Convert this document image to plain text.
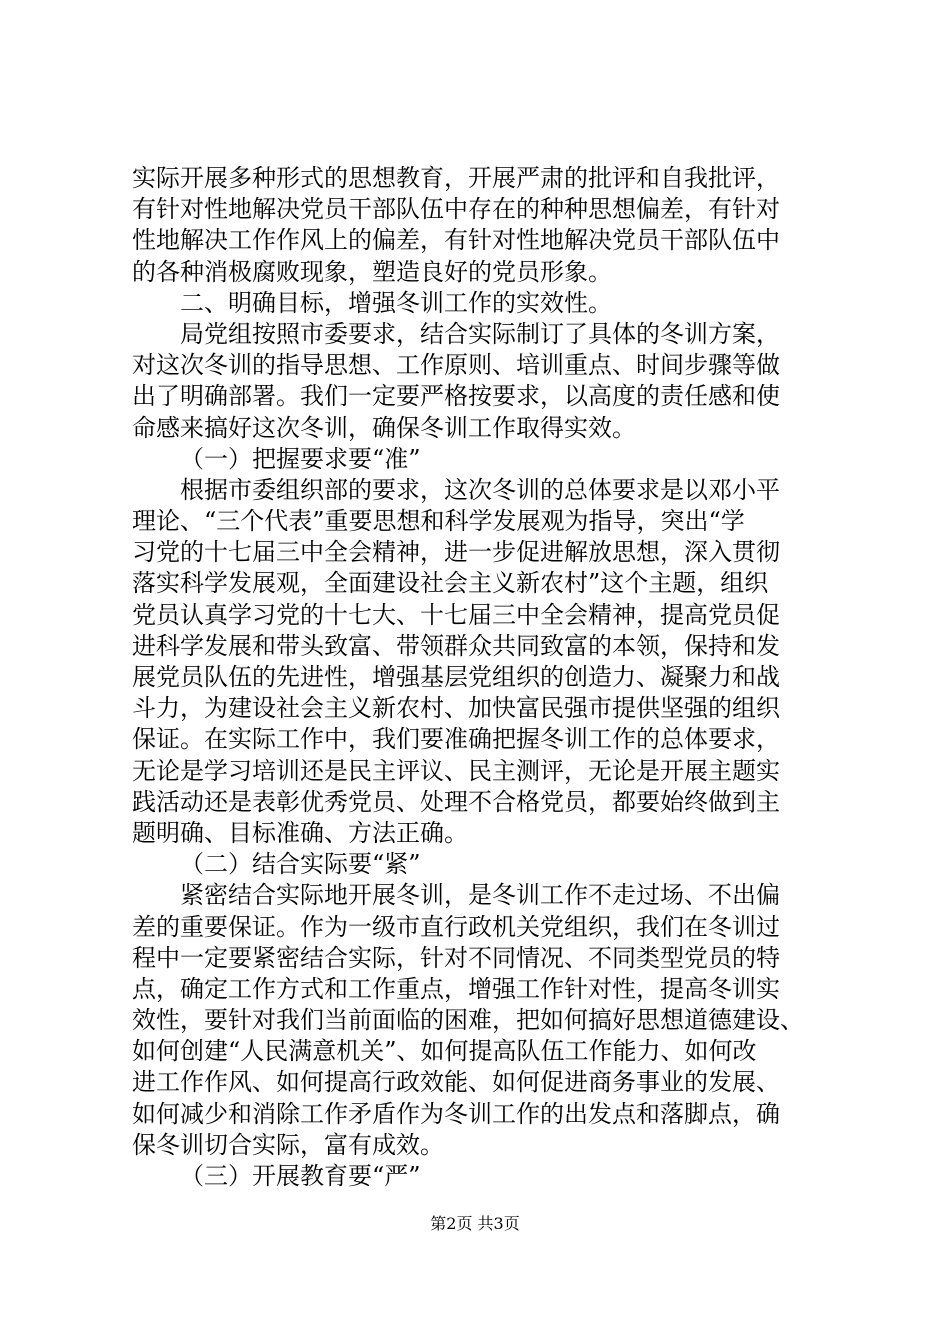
实际开展多种形式的思想教育，开展严肃的批评和自我批评，
有针对性地解决党员干部队伍中存在的种种思想偏差，有针对
性地解决工作作风上的偏差，有针对性地解决党员干部队伍中
的各种消极腐败现象，塑造良好的党员形象。
二、明确目标，增强冬训工作的实效性。
局党组按照市委要求，结合实际制订了具体的冬训方案，
对这次冬训的指导思想、工作原则、培训重点、时间步骤等做
出了明确部署。我们一定要严格按要求，以高度的责任感和使
命感来搞好这次冬训，确保冬训工作取得实效。
（一）把握要求要“准”
根据市委组织部的要求，这次冬训的总体要求是以邓小平
理论、“三个代表”重要思想和科学发展观为指导，突出“学
习党的十七届三中全会精神，进一步促进解放思想，深入贯彻
落实科学发展观，全面建设社会主义新农村”这个主题，组织
党员认真学习党的十七大、十七届三中全会精神，提高党员促
进科学发展和带头致富、带领群众共同致富的本领，保持和发
展党员队伍的先进性，增强基层党组织的创造力、凝聚力和战
斗力，为建设社会主义新农村、加快富民强市提供坚强的组织
保证。在实际工作中，我们要准确把握冬训工作的总体要求，
无论是学习培训还是民主评议、民主测评，无论是开展主题实
践活动还是表彰优秀党员、处理不合格党员，都要始终做到主
题明确、目标准确、方法正确。
（二）结合实际要“紧”
紧密结合实际地开展冬训，是冬训工作不走过场、不出偏
差的重要保证。作为一级市直行政机关党组织，我们在冬训过
程中一定要紧密结合实际，针对不同情况、不同类型党员的特
点，确定工作方式和工作重点，增强工作针对性，提高冬训实
效性，要针对我们当前面临的困难，把如何搞好思想道德建设、
如何创建“人民满意机关”、如何提高队伍工作能力、如何改
进工作作风、如何提高行政效能、如何促进商务事业的发展、
如何减少和消除工作矛盾作为冬训工作的出发点和落脚点，确
保冬训切合实际，富有成效。
（三）开展教育要“严”
第2页 共3页
